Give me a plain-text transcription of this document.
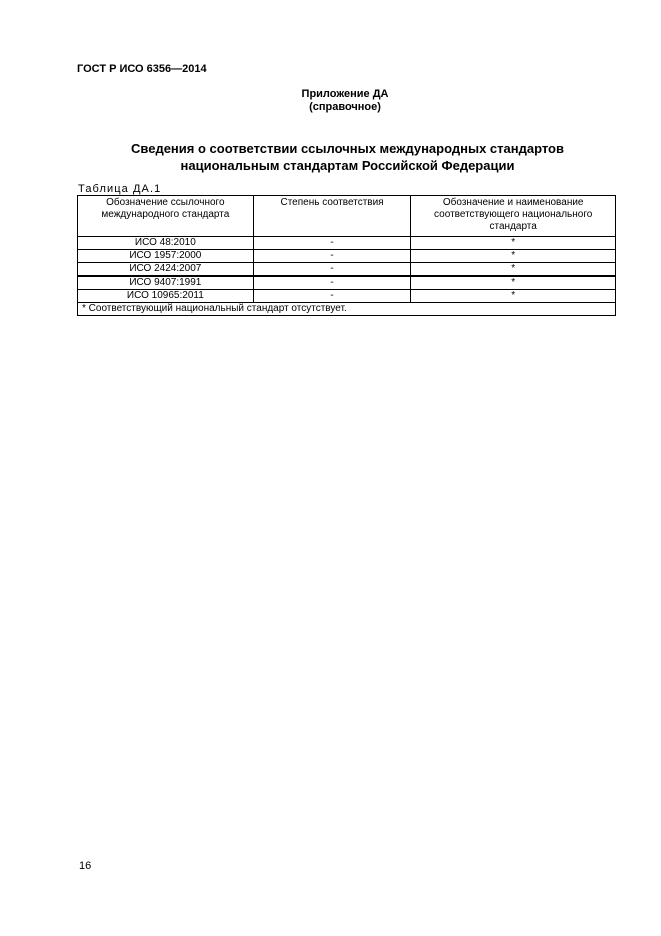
ГОСТ Р ИСО 6356—2014
Приложение ДА
(справочное)
Сведения о соответствии ссылочных международных стандартов
национальным стандартам Российской Федерации
Таблица ДА.1
Обозначение ссылочного международного стандарта	Степень соответствия	Обозначение и наименование соответствующего национального стандарта
ИСО 48:2010	-	*
ИСО 1957:2000	-	*
ИСО 2424:2007	-	*
ИСО 9407:1991	-	*
ИСО 10965:2011	-	*
* Соответствующий национальный стандарт отсутствует.		
16
